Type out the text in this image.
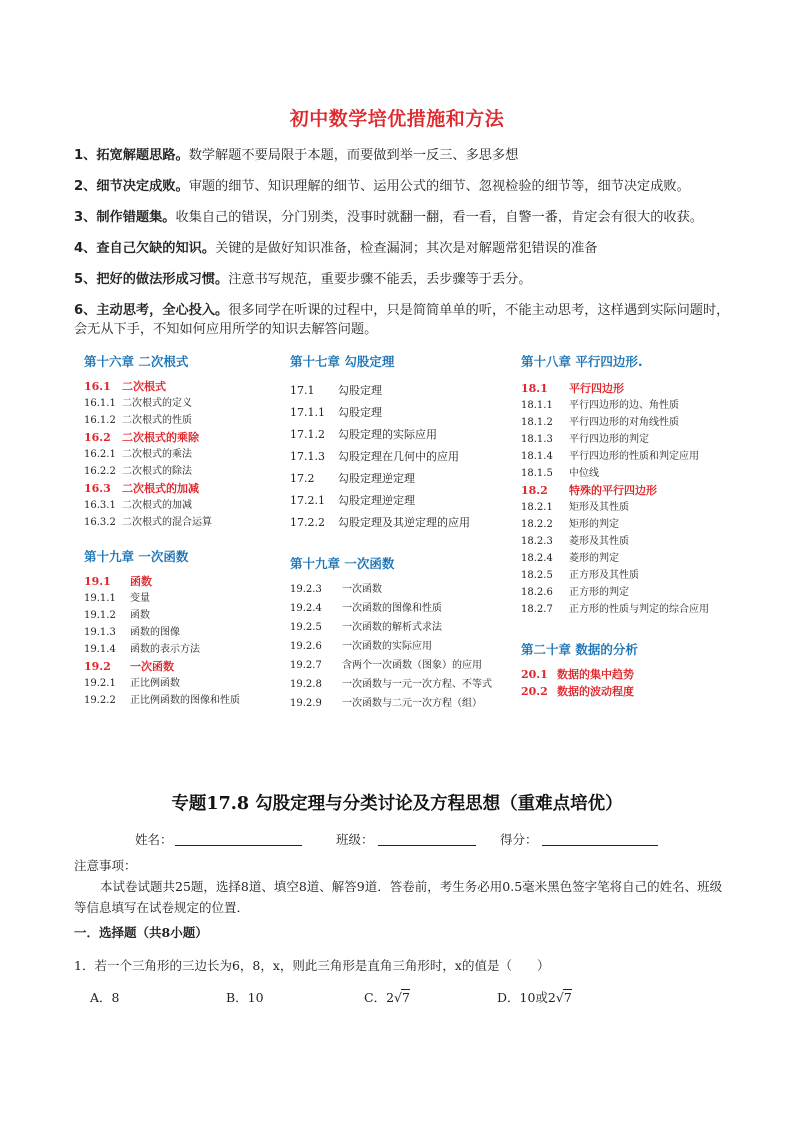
初中数学培优措施和方法

1、拓宽解题思路。数学解题不要局限于本题，而要做到举一反三、多思多想

2、细节决定成败。审题的细节、知识理解的细节、运用公式的细节、忽视检验的细节等，细节决定成败。

3、制作错题集。收集自己的错误，分门别类，没事时就翻一翻，看一看，自警一番，肯定会有很大的收获。

4、查自己欠缺的知识。关键的是做好知识准备，检查漏洞；其次是对解题常犯错误的准备

5、把好的做法形成习惯。注意书写规范，重要步骤不能丢，丢步骤等于丢分。

6、主动思考，全心投入。很多同学在听课的过程中，只是简简单单的听，不能主动思考，这样遇到实际问题时，会无从下手，不知如何应用所学的知识去解答问题。

第十六章 二次根式
16.1 二次根式
16.1.1 二次根式的定义
16.1.2 二次根式的性质
16.2 二次根式的乘除
16.2.1 二次根式的乘法
16.2.2 二次根式的除法
16.3 二次根式的加减
16.3.1 二次根式的加减
16.3.2 二次根式的混合运算
第十九章 一次函数
19.1 函数
19.1.1 变量
19.1.2 函数
19.1.3 函数的图像
19.1.4 函数的表示方法
19.2 一次函数
19.2.1 正比例函数
19.2.2 正比例函数的图像和性质
第十七章 勾股定理
17.1 勾股定理
17.1.1 勾股定理
17.1.2 勾股定理的实际应用
17.1.3 勾股定理在几何中的应用
17.2 勾股定理逆定理
17.2.1 勾股定理逆定理
17.2.2 勾股定理及其逆定理的应用
第十九章 一次函数
19.2.3 一次函数
19.2.4 一次函数的图像和性质
19.2.5 一次函数的解析式求法
19.2.6 一次函数的实际应用
19.2.7 含两个一次函数（图象）的应用
19.2.8 一次函数与一元一次方程、不等式
19.2.9 一次函数与二元一次方程（组）
第十八章 平行四边形.
18.1 平行四边形
18.1.1 平行四边形的边、角性质
18.1.2 平行四边形的对角线性质
18.1.3 平行四边形的判定
18.1.4 平行四边形的性质和判定应用
18.1.5 中位线
18.2 特殊的平行四边形
18.2.1 矩形及其性质
18.2.2 矩形的判定
18.2.3 菱形及其性质
18.2.4 菱形的判定
18.2.5 正方形及其性质
18.2.6 正方形的判定
18.2.7 正方形的性质与判定的综合应用
第二十章 数据的分析
20.1 数据的集中趋势
20.2 数据的波动程度
专题17.8 勾股定理与分类讨论及方程思想（重难点培优）
姓名：	班级：	得分：
注意事项：
本试卷试题共25题，选择8道、填空8道、解答9道．答卷前，考生务必用0.5毫米黑色签字笔将自己的姓名、班级等信息填写在试卷规定的位置．
一．选择题（共8小题）
1．若一个三角形的三边长为6，8，x，则此三角形是直角三角形时，x的值是（　　）
A．8	B．10	C．2√7	D．10或2√7
